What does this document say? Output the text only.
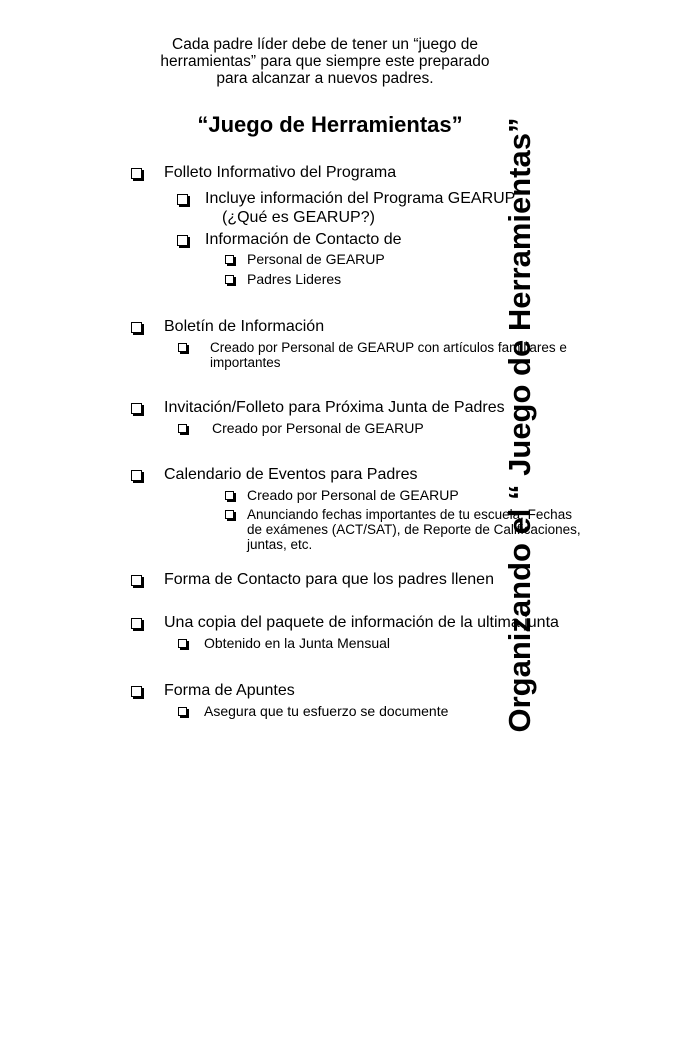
Cada padre líder debe de tener un “juego de herramientas” para que siempre este preparado para alcanzar a nuevos padres.
“Juego de Herramientas”
Folleto Informativo del Programa
Incluye información del Programa GEARUP
(¿Qué es GEARUP?)
Información de Contacto de
Personal de GEARUP
Padres Lideres
Boletín de Información
Creado por Personal de GEARUP con artículos familiares e
importantes
Invitación/Folleto para Próxima Junta de Padres
Creado por Personal de GEARUP
Calendario de Eventos para Padres
Creado por Personal de GEARUP
Anunciando fechas importantes de tu escuela: Fechas
de exámenes (ACT/SAT), de Reporte de Calificaciones,
juntas, etc.
Forma de Contacto para que los padres llenen
Una copia del paquete de información de la ultima junta
Obtenido en la Junta Mensual
Forma de Apuntes
Asegura que tu esfuerzo se documente Organizando el “ Juego de Herramientas”
